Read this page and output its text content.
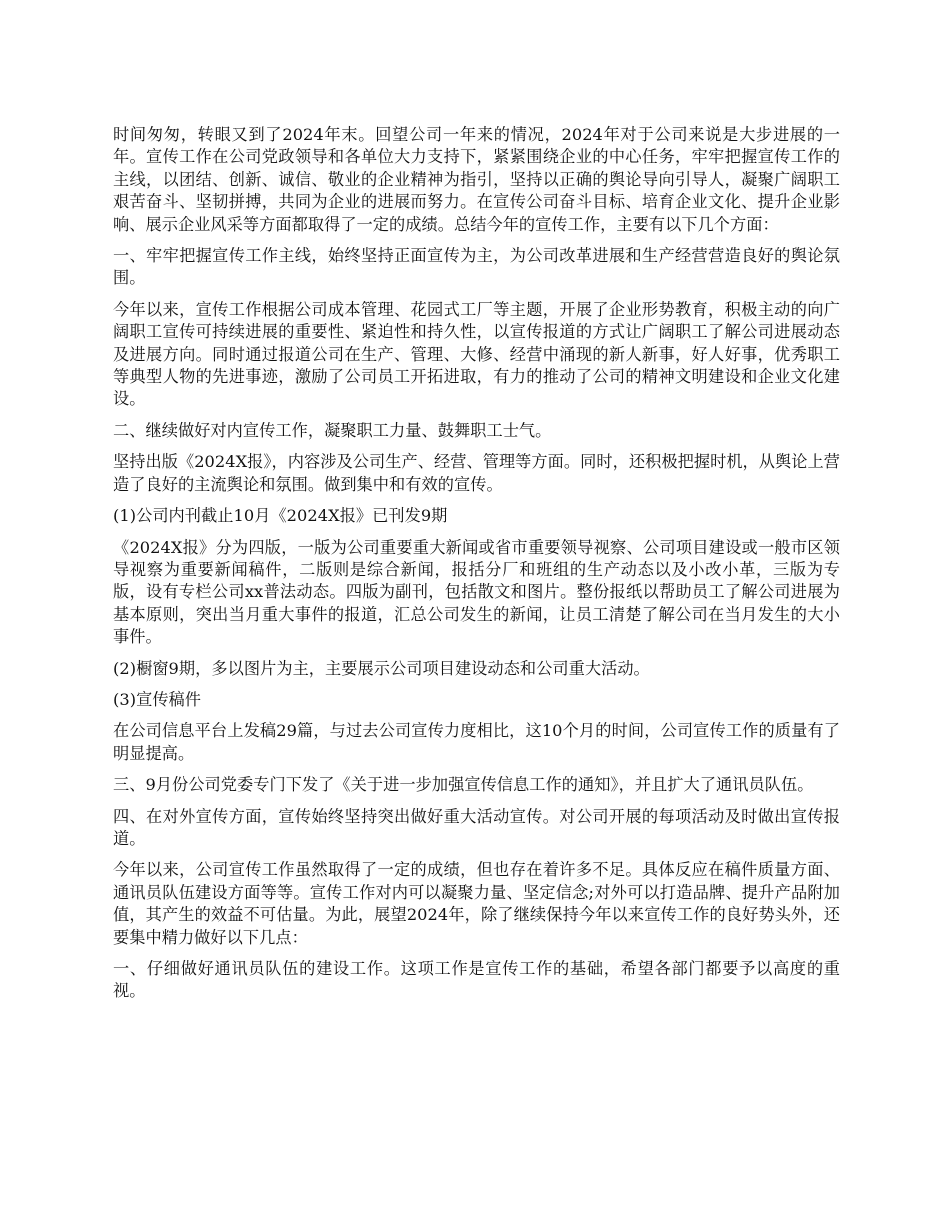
时间匆匆，转眼又到了2024年末。回望公司一年来的情况，2024年对于公司来说是大步进展的一年。宣传工作在公司党政领导和各单位大力支持下，紧紧围绕企业的中心任务，牢牢把握宣传工作的主线，以团结、创新、诚信、敬业的企业精神为指引，坚持以正确的舆论导向引导人，凝聚广阔职工艰苦奋斗、坚韧拼搏，共同为企业的进展而努力。在宣传公司奋斗目标、培育企业文化、提升企业影响、展示企业风采等方面都取得了一定的成绩。总结今年的宣传工作，主要有以下几个方面：

一、牢牢把握宣传工作主线，始终坚持正面宣传为主，为公司改革进展和生产经营营造良好的舆论氛围。

今年以来，宣传工作根据公司成本管理、花园式工厂等主题，开展了企业形势教育，积极主动的向广阔职工宣传可持续进展的重要性、紧迫性和持久性，以宣传报道的方式让广阔职工了解公司进展动态及进展方向。同时通过报道公司在生产、管理、大修、经营中涌现的新人新事，好人好事，优秀职工等典型人物的先进事迹，激励了公司员工开拓进取，有力的推动了公司的精神文明建设和企业文化建设。

二、继续做好对内宣传工作，凝聚职工力量、鼓舞职工士气。

坚持出版《2024X报》，内容涉及公司生产、经营、管理等方面。同时，还积极把握时机，从舆论上营造了良好的主流舆论和氛围。做到集中和有效的宣传。

(1)公司内刊截止10月《2024X报》已刊发9期

《2024X报》分为四版，一版为公司重要重大新闻或省市重要领导视察、公司项目建设或一般市区领导视察为重要新闻稿件，二版则是综合新闻，报括分厂和班组的生产动态以及小改小革，三版为专版，设有专栏公司xx普法动态。四版为副刊，包括散文和图片。整份报纸以帮助员工了解公司进展为基本原则，突出当月重大事件的报道，汇总公司发生的新闻，让员工清楚了解公司在当月发生的大小事件。

(2)橱窗9期，多以图片为主，主要展示公司项目建设动态和公司重大活动。

(3)宣传稿件

在公司信息平台上发稿29篇，与过去公司宣传力度相比，这10个月的时间，公司宣传工作的质量有了明显提高。

三、9月份公司党委专门下发了《关于进一步加强宣传信息工作的通知》，并且扩大了通讯员队伍。

四、在对外宣传方面，宣传始终坚持突出做好重大活动宣传。对公司开展的每项活动及时做出宣传报道。

今年以来，公司宣传工作虽然取得了一定的成绩，但也存在着许多不足。具体反应在稿件质量方面、通讯员队伍建设方面等等。宣传工作对内可以凝聚力量、坚定信念;对外可以打造品牌、提升产品附加值，其产生的效益不可估量。为此，展望2024年，除了继续保持今年以来宣传工作的良好势头外，还要集中精力做好以下几点：

一、仔细做好通讯员队伍的建设工作。这项工作是宣传工作的基础，希望各部门都要予以高度的重视。
